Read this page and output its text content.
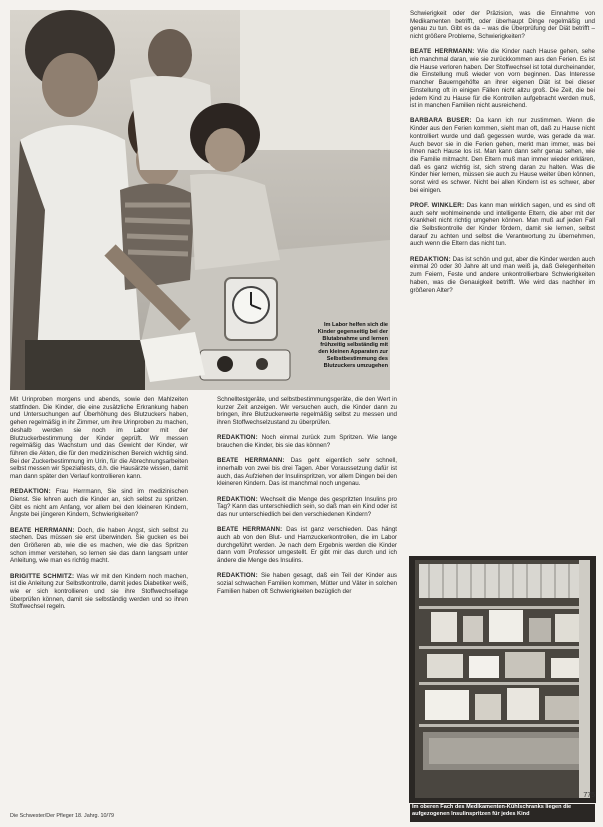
Im Labor helfen sich die Kinder gegenseitig bei der Blutabnahme und lernen frühzeitig selbständig mit den kleinen Apparaten zur Selbstbestimmung des Blutzuckers umzugehen

Schwierigkeit oder der Präzision, was die Einnahme von Medikamenten betrifft, oder überhaupt Dinge regelmäßig und genau zu tun. Gibt es da – was die Überprüfung der Diät betrifft – nicht größere Probleme, Schwierigkeiten?

BEATE HERRMANN: Wie die Kinder nach Hause gehen, sehe ich manchmal daran, wie sie zurückkommen aus den Ferien. Es ist die Hause verloren haben. Der Stoffwechsel ist total durcheinander, die Einstellung muß wieder von vorn beginnen. Das Interesse mancher Bauerngehöfte an ihrer eigenen Diät ist bei dieser Einstellung oft in einigen Fällen nicht allzu groß. Die Zeit, die bei jedem Kind zu Hause für die Kontrollen aufgebracht werden muß, ist in manchen Familien nicht ausreichend.

BARBARA BUSER: Da kann ich nur zustimmen. Wenn die Kinder aus den Ferien kommen, sieht man oft, daß zu Hause nicht kontrolliert wurde und daß gegessen wurde, was gerade da war. Auch bevor sie in die Ferien gehen, merkt man immer, was bei ihnen nach Hause los ist. Man kann dann sehr genau sehen, wie die Familie mitmacht. Den Eltern muß man immer wieder erklären, daß es ganz wichtig ist, sich streng daran zu halten. Was die Kinder hier lernen, müssen sie auch zu Hause weiter üben können, sonst wird es schwer. Nicht bei allen Kindern ist es schwer, aber bei einigen.

PROF. WINKLER: Das kann man wirklich sagen, und es sind oft auch sehr wohlmeinende und intelligente Eltern, die aber mit der Krankheit nicht richtig umgehen können. Man muß auf jeden Fall die Selbstkontrolle der Kinder fördern, damit sie lernen, selbst darauf zu achten und selbst die Verantwortung zu übernehmen, auch wenn die Eltern das nicht tun.

REDAKTION: Das ist schön und gut, aber die Kinder werden auch einmal 20 oder 30 Jahre alt und man weiß ja, daß Gelegenheiten zum Feiern, Feste und andere unkontrollierbare Schwierigkeiten haben, was die Genauigkeit betrifft. Wie wird das nachher im größeren Alter?

Mit Urinproben morgens und abends, sowie den Mahlzeiten stattfinden. Die Kinder, die eine zusätzliche Erkrankung haben und Untersuchungen auf Überhöhung des Blutzuckers haben, gehen regelmäßig in ihr Zimmer, um ihre Urinproben zu machen, deshalb werden sie noch im Labor mit der Blutzuckerbestimmung der Kinder geprüft. Wir messen regelmäßig das Wachstum und das Gewicht der Kinder, wir führen die Akten, die für den medizinischen Bereich wichtig sind. Bei der Zuckerbestimmung im Urin, für die Abrechnungsarbeiten selbst messen wir Spezialtests, d.h. die Hausärzte wissen, damit man dann später den Verlauf kontrollieren kann.

REDAKTION: Frau Herrmann, Sie sind im medizinischen Dienst. Sie lehren auch die Kinder an, sich selbst zu spritzen. Gibt es nicht am Anfang, vor allem bei den kleineren Kindern, Ängste bei jüngeren Kindern, Schwierigkeiten?

BEATE HERRMANN: Doch, die haben Angst, sich selbst zu stechen. Das müssen sie erst überwinden. Sie gucken es bei den Größeren ab, wie die es machen, wie die das Spritzen schon immer verstehen, so lernen sie das dann langsam unter Anleitung, wie man es richtig macht.

BRIGITTE SCHMITZ: Was wir mit den Kindern noch machen, ist die Anleitung zur Selbstkontrolle, damit jedes Diabetiker weiß, wie er sich kontrollieren und sie ihre Stoffwechsellage überprüfen können, damit sie selbständig werden und so ihren Stoffwechsel regeln.

Schnelltestgeräte, und selbstbestimmungsgeräte, die den Wert in kurzer Zeit anzeigen. Wir versuchen auch, die Kinder dann zu bringen, ihre Blutzuckerwerte regelmäßig selbst zu messen und ihren Stoffwechselzustand zu überprüfen.

REDAKTION: Noch einmal zurück zum Spritzen. Wie lange brauchen die Kinder, bis sie das können?

BEATE HERRMANN: Das geht eigentlich sehr schnell, innerhalb von zwei bis drei Tagen. Aber Voraussetzung dafür ist auch, das Aufziehen der Insulinspritzen, vor allem Dingen bei den kleineren Kindern. Das ist manchmal noch ungenau.

REDAKTION: Wechselt die Menge des gespritzten Insulins pro Tag? Kann das unterschiedlich sein, so daß man ein Kind oder ist das nur unterschiedlich bei den verschiedenen Kindern?

BEATE HERRMANN: Das ist ganz verschieden. Das hängt auch ab von den Blut- und Harnzuckerkontrollen, die im Labor durchgeführt werden. Je nach dem Ergebnis werden die Kinder dann vom Professor umgestellt. Er gibt mir das durch und ich ändere die Menge des Insulins.

REDAKTION: Sie haben gesagt, daß ein Teil der Kinder aus sozial schwachen Familien kommen, Mütter und Väter in solchen Familien haben oft Schwierigkeiten bezüglich der

Im oberen Fach des Medikamenten-Kühlschranks liegen die aufgezogenen Insulinspritzen für jedes Kind
Die Schwester/Der Pfleger 18. Jahrg. 10/79
775
